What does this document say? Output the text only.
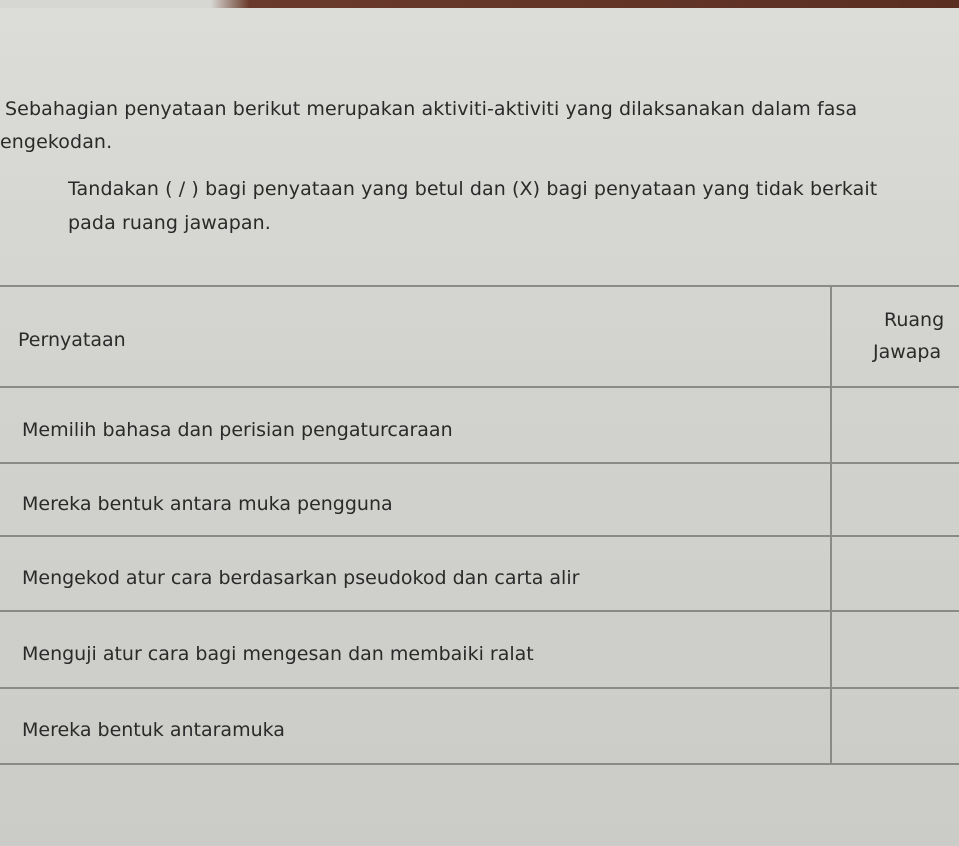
Sebahagian penyataan berikut merupakan aktiviti-aktiviti yang dilaksanakan dalam fasa
engekodan.
Tandakan ( / ) bagi penyataan yang betul dan (X) bagi penyataan yang tidak berkait
pada ruang jawapan.
Pernyataan
Ruang
Jawapa
Memilih bahasa dan perisian pengaturcaraan
Mereka bentuk antara muka pengguna
Mengekod atur cara berdasarkan pseudokod dan carta alir
Menguji atur cara bagi mengesan dan membaiki ralat
Mereka bentuk antaramuka
